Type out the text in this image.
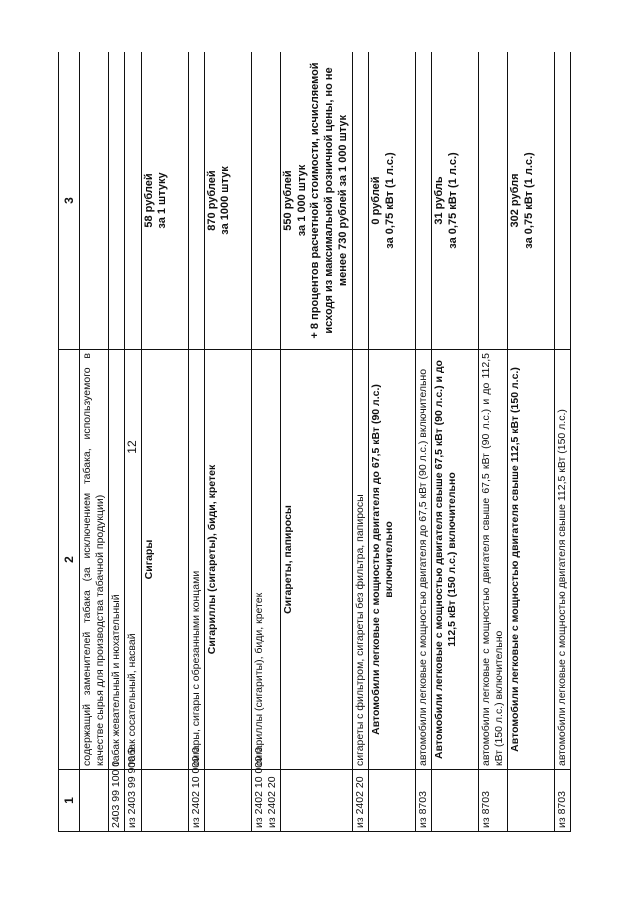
12
1	2	3

	содержащий заменителей табака (за исключением табака, используемого в качестве сырья для производства табачной продукции)	

2403 99 100 0	табак жевательный и нюхательный	

из 2403 99 900 9	табак сосательный, насвай	

	Сигары	58 рублей за 1 штуку

из 2402 10 000 0	сигары, сигары с обрезанными концами	

	Сигариллы (сигареты), биди, кретек	870 рублей за 1000 штук

из 2402 10 000 0 из 2402 20	сигариллы (сигариты), биди, кретек	

	Сигареты, папиросы	550 рублей за 1 000 штук + 8 процентов расчетной стоимости, исчисляемой исходя из максимальной розничной цены, но не менее 730 рублей за 1 000 штук

из 2402 20	сигареты с фильтром, сигареты без фильтра, папиросы	

	Автомобили легковые с мощностью двигателя до 67,5 кВт (90 л.с.) включительно	0 рублей за 0,75 кВт (1 л.с.)

из 8703	автомобили легковые с мощностью двигателя до 67,5 кВт (90 л.с.) включительно	

	Автомобили легковые с мощностью двигателя свыше 67,5 кВт (90 л.с.) и до 112,5 кВт (150 л.с.) включительно	31 рубль за 0,75 кВт (1 л.с.)

из 8703	автомобили легковые с мощностью двигателя свыше 67,5 кВт (90 л.с.) и до 112,5 кВт (150 л.с.) включительно	

	Автомобили легковые с мощностью двигателя свыше 112,5 кВт (150 л.с.)	302 рубля за 0,75 кВт (1 л.с.)

из 8703	автомобили легковые с мощностью двигателя свыше 112,5 кВт (150 л.с.)	
